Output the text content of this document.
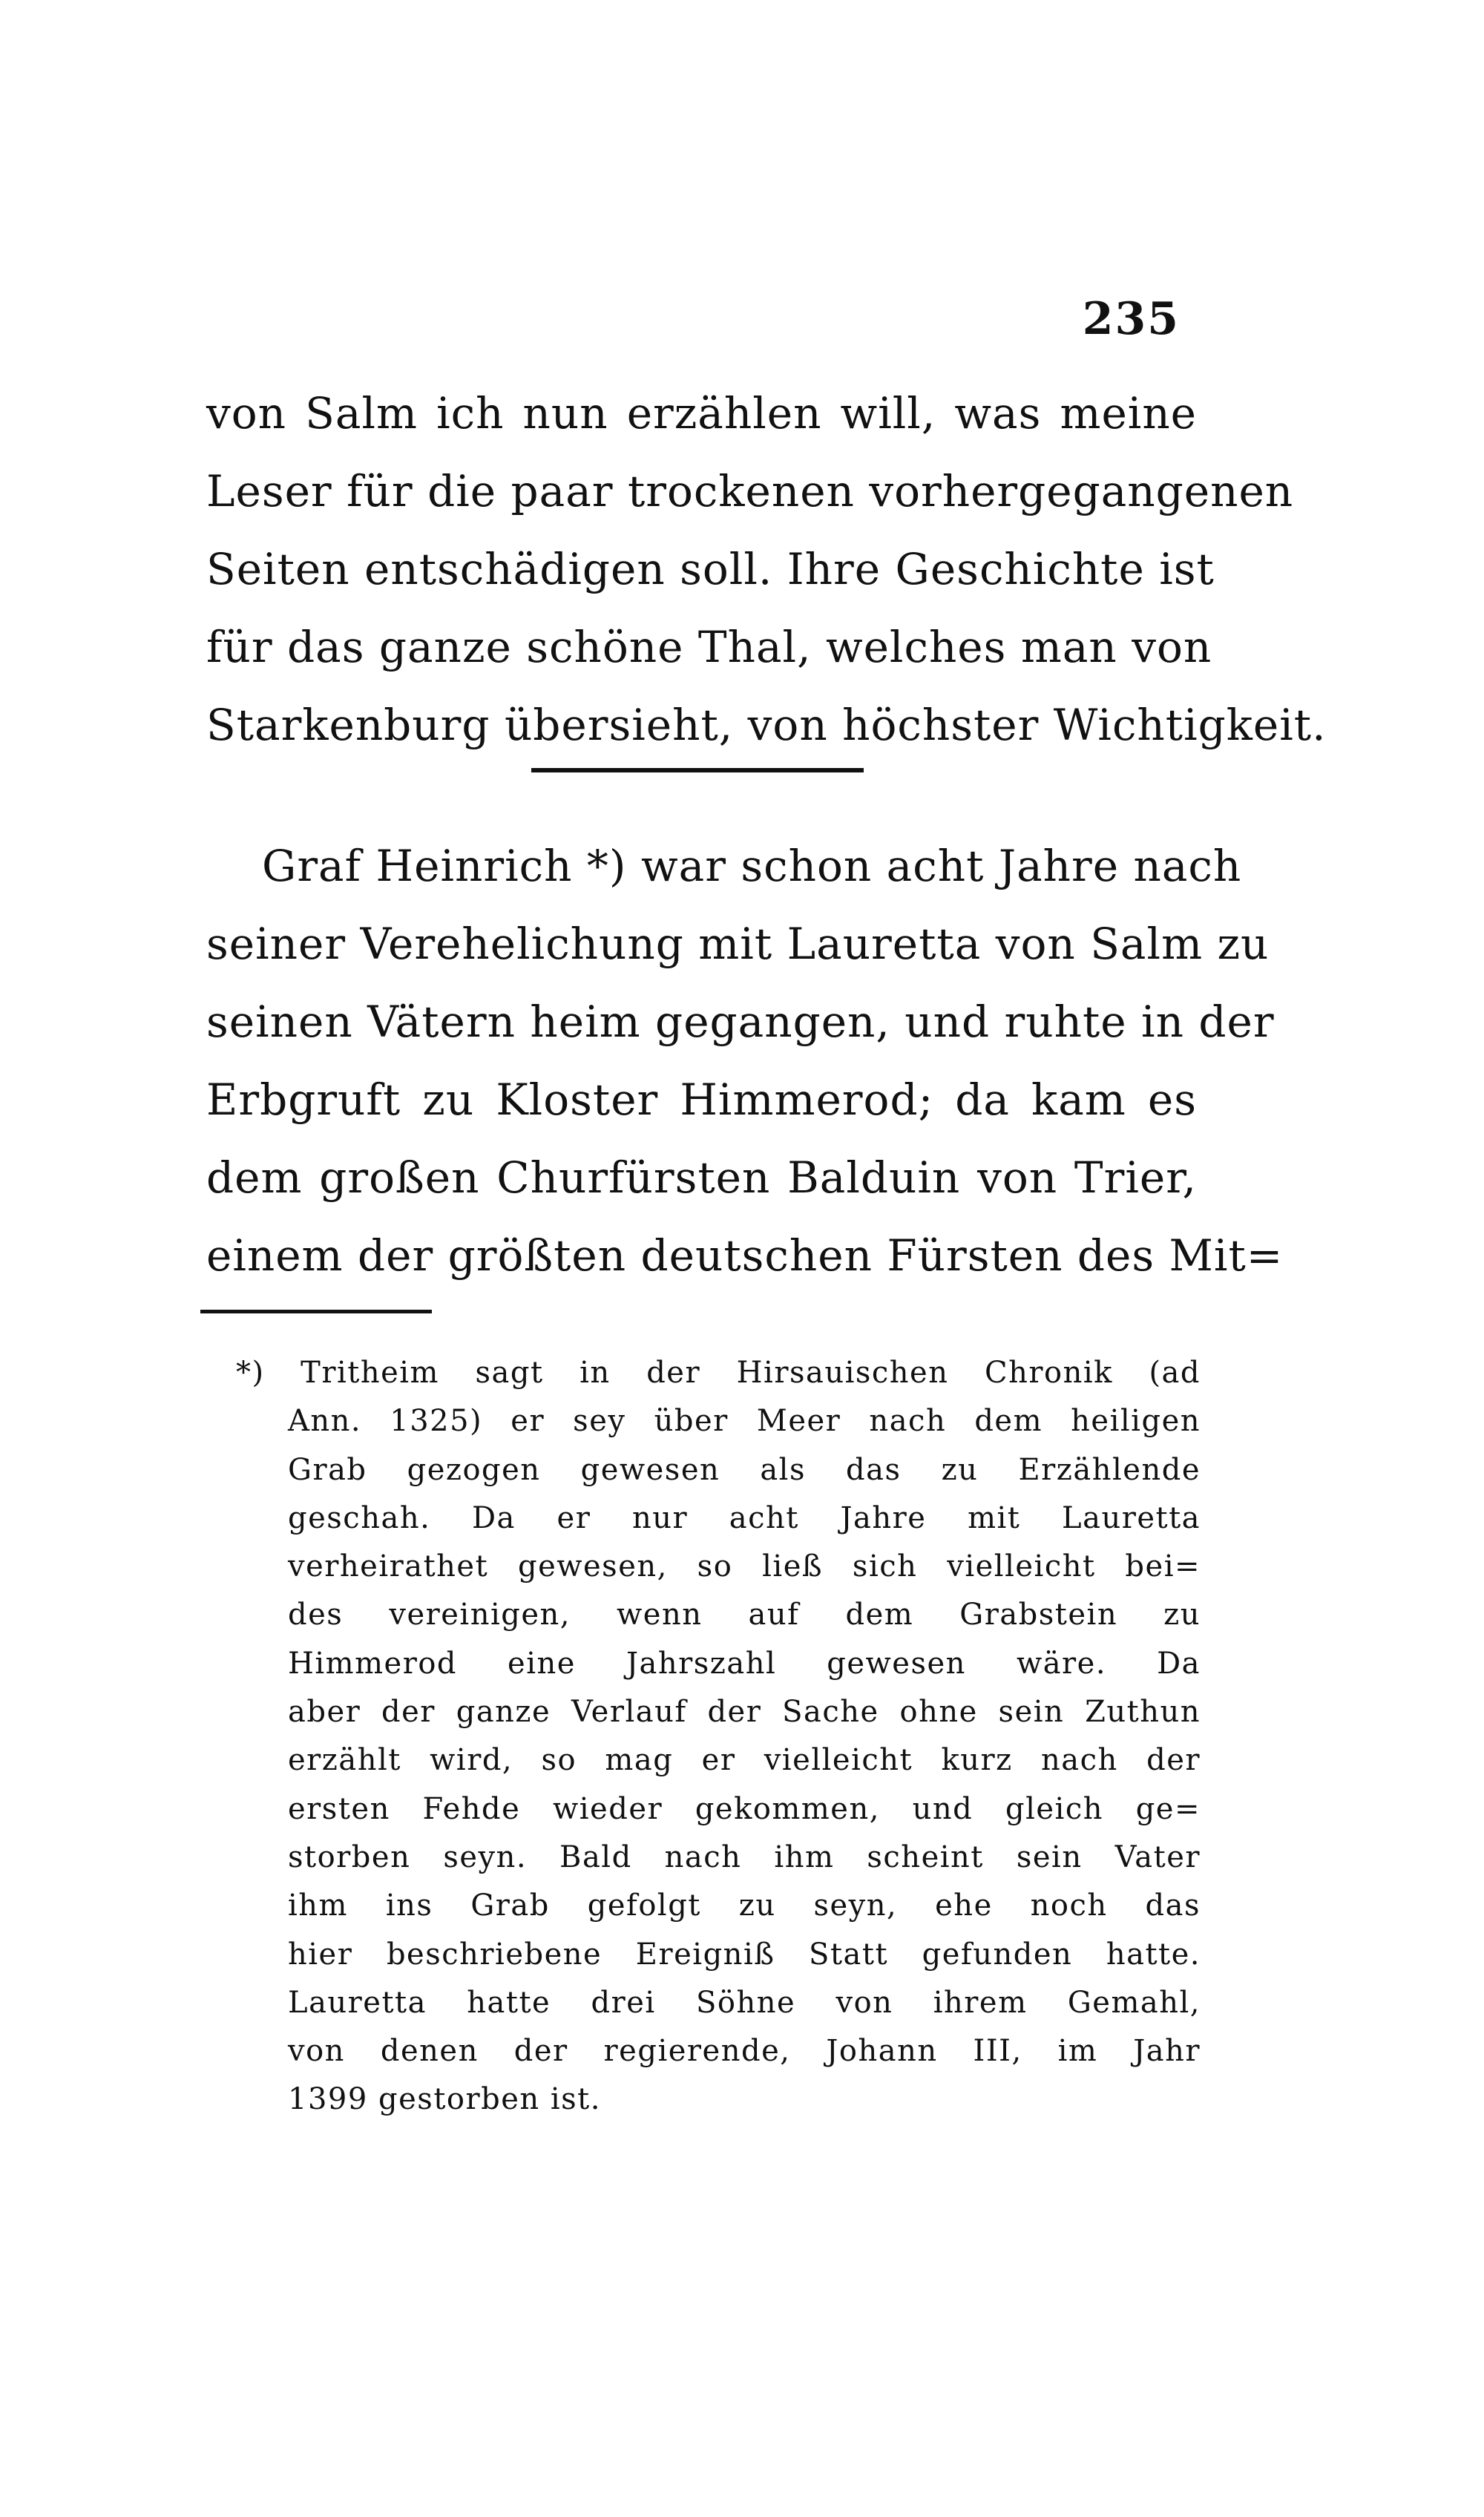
235
von Salm ich nun erzählen will, was meine
Leser für die paar trockenen vorhergegangenen
Seiten entschädigen soll. Ihre Geschichte ist
für das ganze schöne Thal, welches man von
Starkenburg übersieht, von höchster Wichtigkeit.
Graf Heinrich *) war schon acht Jahre nach
seiner Verehelichung mit Lauretta von Salm zu
seinen Vätern heim gegangen, und ruhte in der
Erbgruft zu Kloster Himmerod; da kam es
dem großen Churfürsten Balduin von Trier,
einem der größten deutschen Fürsten des Mit=
*) Tritheim sagt in der Hirsauischen Chronik (ad
Ann. 1325) er sey über Meer nach dem heiligen
Grab gezogen gewesen als das zu Erzählende
geschah. Da er nur acht Jahre mit Lauretta
verheirathet gewesen, so ließ sich vielleicht bei=
des vereinigen, wenn auf dem Grabstein zu
Himmerod eine Jahrszahl gewesen wäre. Da
aber der ganze Verlauf der Sache ohne sein Zuthun
erzählt wird, so mag er vielleicht kurz nach der
ersten Fehde wieder gekommen, und gleich ge=
storben seyn. Bald nach ihm scheint sein Vater
ihm ins Grab gefolgt zu seyn, ehe noch das
hier beschriebene Ereigniß Statt gefunden hatte.
Lauretta hatte drei Söhne von ihrem Gemahl,
von denen der regierende, Johann III, im Jahr
1399 gestorben ist.
